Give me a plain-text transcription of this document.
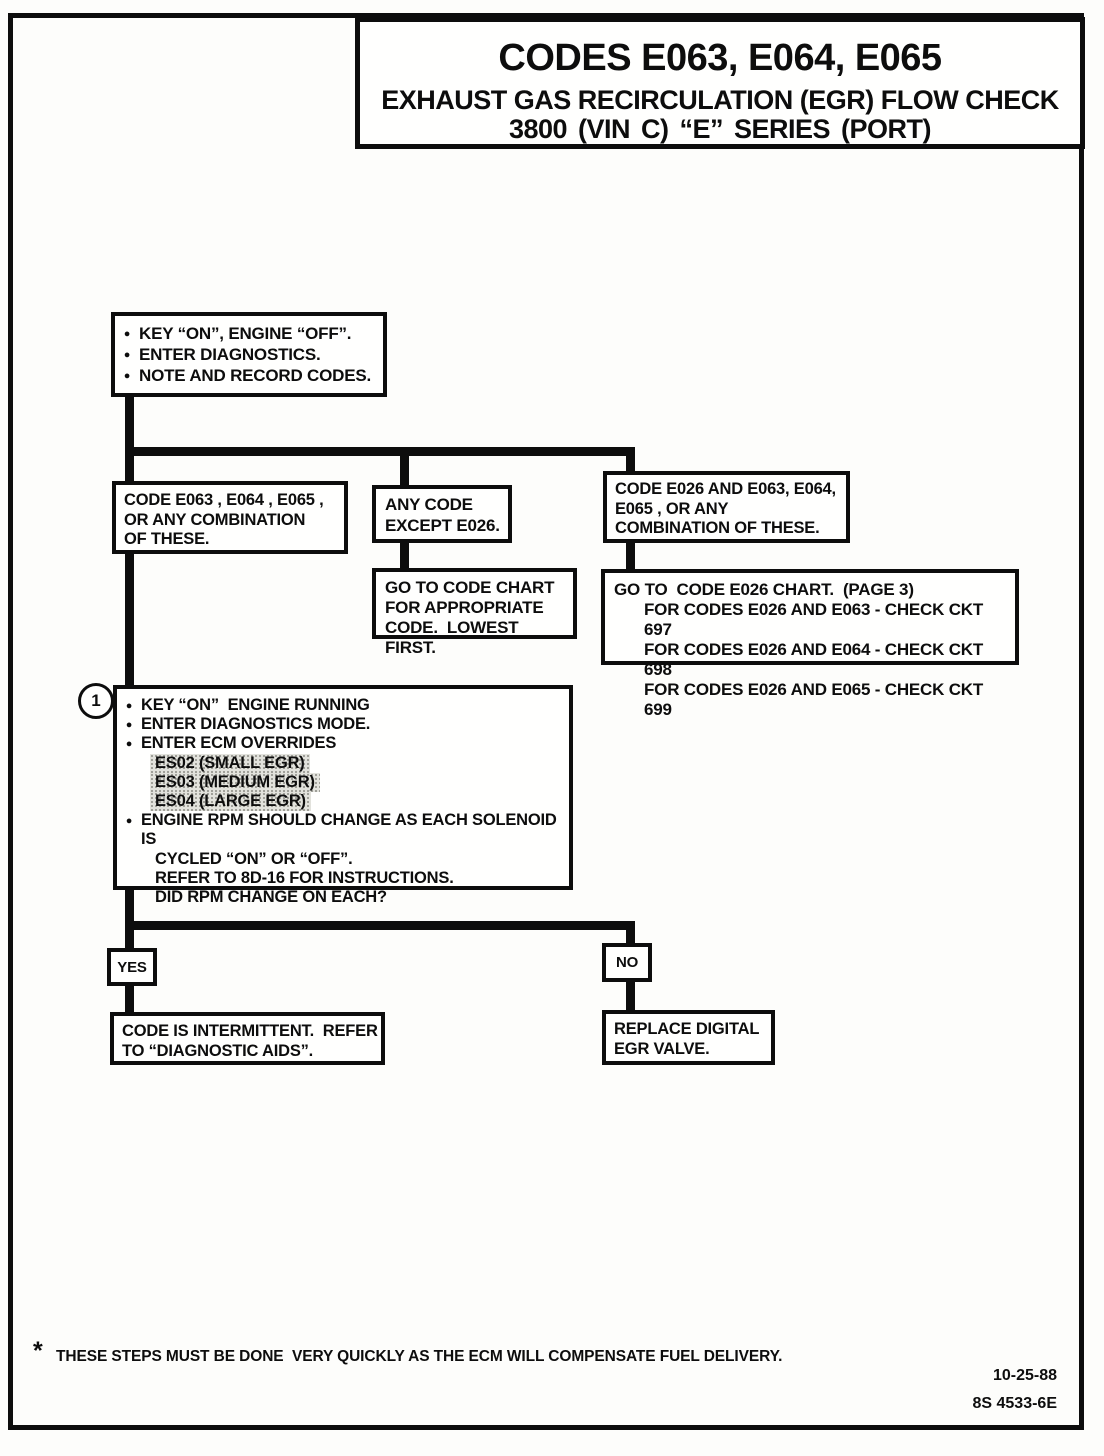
CODES E063, E064, E065
EXHAUST GAS RECIRCULATION (EGR) FLOW CHECK
3800 (VIN C) “E” SERIES (PORT)
● KEY “ON”, ENGINE “OFF”.
● ENTER DIAGNOSTICS.
● NOTE AND RECORD CODES.
CODE E063 , E064 , E065 ,
OR ANY COMBINATION
OF THESE.
ANY CODE
EXCEPT E026.
CODE E026 AND E063, E064,
E065 , OR ANY
COMBINATION OF THESE.
GO TO CODE CHART
FOR APPROPRIATE
CODE.  LOWEST FIRST.
GO TO  CODE E026 CHART.  (PAGE 3)
FOR CODES E026 AND E063 - CHECK CKT 697
FOR CODES E026 AND E064 - CHECK CKT 698
FOR CODES E026 AND E065 - CHECK CKT 699
1	● KEY “ON”  ENGINE RUNNING
● ENTER DIAGNOSTICS MODE.
● ENTER ECM OVERRIDES
ES02 (SMALL EGR)
ES03 (MEDIUM EGR)
ES04 (LARGE EGR)
● ENGINE RPM SHOULD CHANGE AS EACH SOLENOID IS
CYCLED “ON” OR “OFF”.
REFER TO 8D-16 FOR INSTRUCTIONS.
DID RPM CHANGE ON EACH?
YES	NO
CODE IS INTERMITTENT.  REFER
TO “DIAGNOSTIC AIDS”.
REPLACE DIGITAL
EGR VALVE.
* THESE STEPS MUST BE DONE  VERY QUICKLY AS THE ECM WILL COMPENSATE FUEL DELIVERY.
10-25-88
8S 4533-6E
